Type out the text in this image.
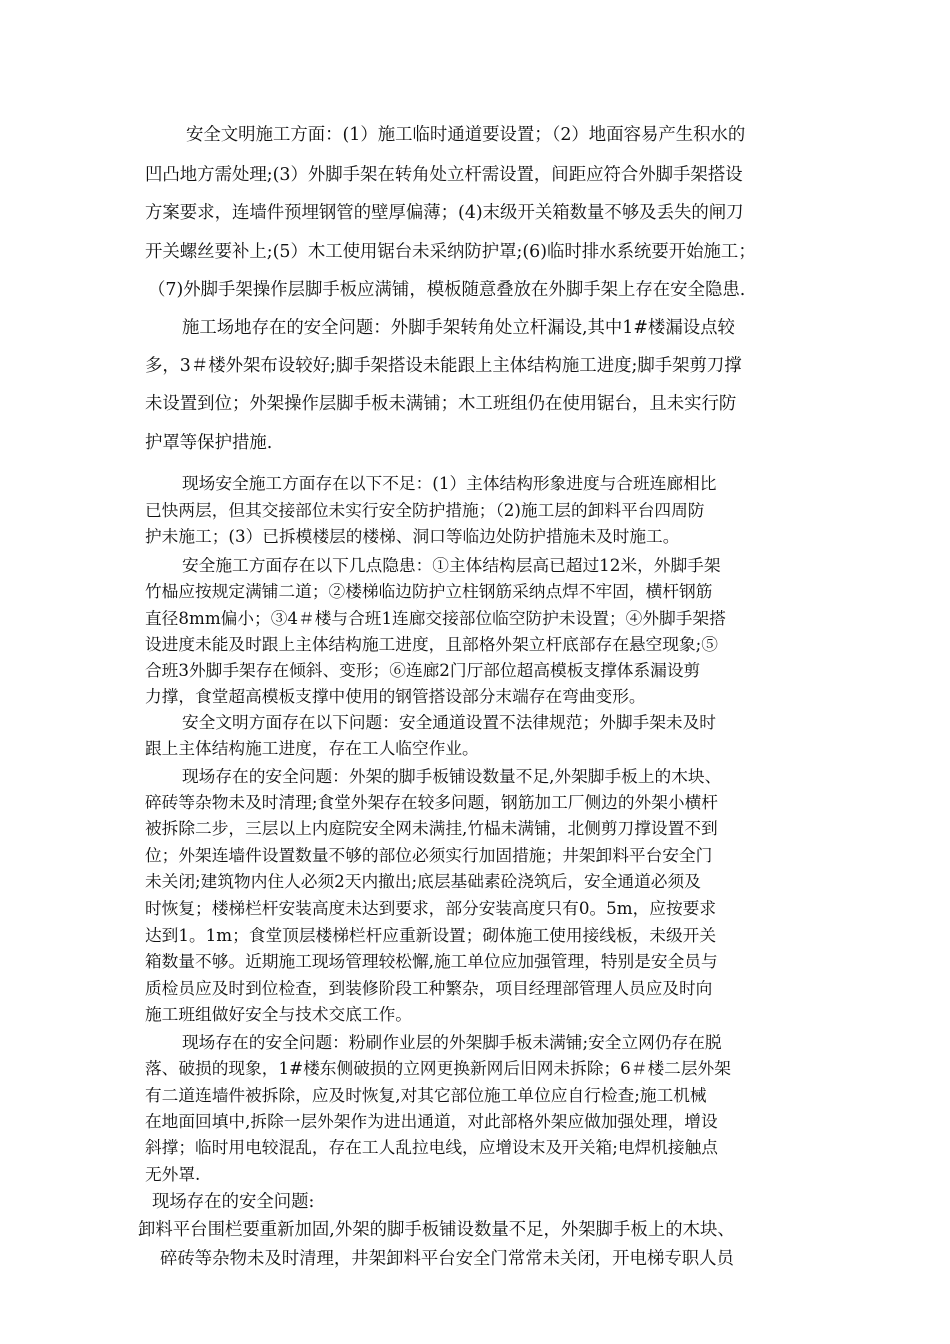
安全文明施工方面：(1）施工临时通道要设置；（2）地面容易产生积水的
凹凸地方需处理;(3）外脚手架在转角处立杆需设置，间距应符合外脚手架搭设
方案要求，连墙件预埋钢管的壁厚偏薄；(4)末级开关箱数量不够及丢失的闸刀
开关螺丝要补上;(5）木工使用锯台未采纳防护罩;(6)临时排水系统要开始施工；
（7)外脚手架操作层脚手板应满铺，模板随意叠放在外脚手架上存在安全隐患.
施工场地存在的安全问题：外脚手架转角处立杆漏设,其中1#楼漏设点较
多，3＃楼外架布设较好;脚手架搭设未能跟上主体结构施工进度;脚手架剪刀撑
未设置到位；外架操作层脚手板未满铺；木工班组仍在使用锯台，且未实行防
护罩等保护措施.
现场安全施工方面存在以下不足：(1）主体结构形象进度与合班连廊相比
已快两层，但其交接部位未实行安全防护措施；（2)施工层的卸料平台四周防
护未施工；(3）已拆模楼层的楼梯、洞口等临边处防护措施未及时施工。
安全施工方面存在以下几点隐患：①主体结构层高已超过12米，外脚手架
竹榀应按规定满铺二道；②楼梯临边防护立柱钢筋采纳点焊不牢固，横杆钢筋
直径8mm偏小；③4＃楼与合班1连廊交接部位临空防护未设置；④外脚手架搭
设进度未能及时跟上主体结构施工进度，且部格外架立杆底部存在悬空现象;⑤
合班3外脚手架存在倾斜、变形；⑥连廊2门厅部位超高模板支撑体系漏设剪
力撑，食堂超高模板支撑中使用的钢管搭设部分末端存在弯曲变形。
安全文明方面存在以下问题：安全通道设置不法律规范；外脚手架未及时
跟上主体结构施工进度，存在工人临空作业。
现场存在的安全问题：外架的脚手板铺设数量不足,外架脚手板上的木块、
碎砖等杂物未及时清理;食堂外架存在较多问题，钢筋加工厂侧边的外架小横杆
被拆除二步，三层以上内庭院安全网未满挂,竹榀未满铺，北侧剪刀撑设置不到
位；外架连墙件设置数量不够的部位必须实行加固措施；井架卸料平台安全门
未关闭;建筑物内住人必须2天内撤出;底层基础素砼浇筑后，安全通道必须及
时恢复；楼梯栏杆安装高度未达到要求，部分安装高度只有0。5m，应按要求
达到1。1m；食堂顶层楼梯栏杆应重新设置；砌体施工使用接线板，未级开关
箱数量不够。近期施工现场管理较松懈,施工单位应加强管理，特别是安全员与
质检员应及时到位检查，到装修阶段工种繁杂，项目经理部管理人员应及时向
施工班组做好安全与技术交底工作。
现场存在的安全问题：粉刷作业层的外架脚手板未满铺;安全立网仍存在脱
落、破损的现象，1#楼东侧破损的立网更换新网后旧网未拆除；6＃楼二层外架
有二道连墙件被拆除，应及时恢复,对其它部位施工单位应自行检查;施工机械
在地面回填中,拆除一层外架作为进出通道，对此部格外架应做加强处理，增设
斜撑；临时用电较混乱，存在工人乱拉电线，应增设末及开关箱;电焊机接触点
无外罩.
现场存在的安全问题:
卸料平台围栏要重新加固,外架的脚手板铺设数量不足，外架脚手板上的木块、
碎砖等杂物未及时清理，井架卸料平台安全门常常未关闭，开电梯专职人员
